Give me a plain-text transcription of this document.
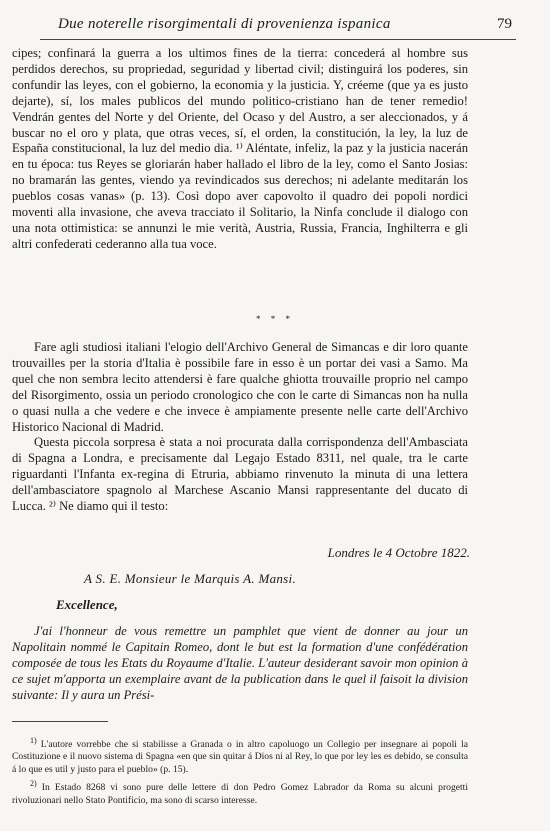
Due noterelle risorgimentali di provenienza ispanica	79

cipes; confinará la guerra a los ultimos fines de la tierra: concederá al hombre sus perdidos derechos, su propriedad, seguridad y libertad civil; distinguirá los poderes, sin confundir las leyes, con el gobierno, la economia y la justicia. Y, créeme (que ya es justo dejarte), sí, los males publicos del mundo politico-cristiano han de tener remedio! Vendrán gentes del Norte y del Oriente, del Ocaso y del Austro, a ser aleccionados, y á buscar no el oro y plata, que otras veces, sí, el orden, la constitución, la ley, la luz de España constitucional, la luz del medio dia. ¹⁾ Aléntate, infeliz, la paz y la justicia nacerán en tu época: tus Reyes se gloriarán haber hallado el libro de la ley, como el Santo Josias: no bramarán las gentes, viendo ya revindicados sus derechos; ni adelante meditarán los pueblos cosas vanas» (p. 13). Così dopo aver capovolto il quadro dei popoli nordici moventi alla invasione, che aveva tracciato il Solitario, la Ninfa conclude il dialogo con una nota ottimistica: se annunzi le mie verità, Austria, Russia, Francia, Inghilterra e gli altri confederati cederanno alla tua voce.

* * *

Fare agli studiosi italiani l'elogio dell'Archivo General de Simancas e dir loro quante trouvailles per la storia d'Italia è possibile fare in esso è un portar dei vasi a Samo. Ma quel che non sembra lecito attendersi è fare qualche ghiotta trouvaille proprio nel campo del Risorgimento, ossia un periodo cronologico che con le carte di Simancas non ha nulla o quasi nulla a che vedere e che invece è ampiamente presente nelle carte dell'Archivo Historico Nacional di Madrid.

Questa piccola sorpresa è stata a noi procurata dalla corrispondenza dell'Ambasciata di Spagna a Londra, e precisamente dal Legajo Estado 8311, nel quale, tra le carte riguardanti l'Infanta ex-regina di Etruria, abbiamo rinvenuto la minuta di una lettera dell'ambasciatore spagnolo al Marchese Ascanio Mansi rappresentante del ducato di Lucca. ²⁾ Ne diamo qui il testo:

Londres le 4 Octobre 1822.
A S. E. Monsieur le Marquis A. Mansi.
Excellence,

J'ai l'honneur de vous remettre un pamphlet que vient de donner au jour un Napolitain nommé le Capitain Romeo, dont le but est la formation d'une confédération composée de tous les Etats du Royaume d'Italie. L'auteur desiderant savoir mon opinion à ce sujet m'apporta un exemplaire avant de la publication dans le quel il faisoit la division suivante: Il y aura un Prési-

$^{1)}$ L'autore vorrebbe che si stabilisse a Granada o in altro capoluogo un Collegio per insegnare ai popoli la Costituzione e il nuovo sistema di Spagna «en que sin quitar á Dios ni al Rey, lo que por ley les es debido, se consulta á lo que es util y justo para el pueblo» (p. 15).

$^{2)}$ In Estado 8268 vi sono pure delle lettere di don Pedro Gomez Labrador da Roma su alcuni progetti rivoluzionari nello Stato Pontificio, ma sono di scarso interesse.
